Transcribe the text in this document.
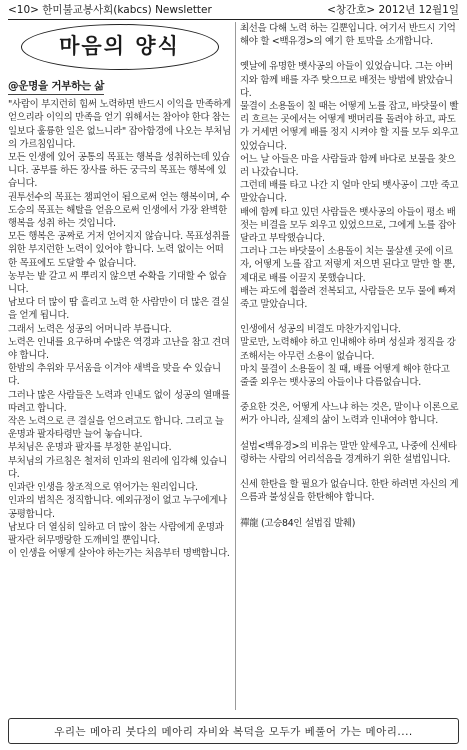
<10> 한미불교봉사회(kabcs) Newsletter	<창간호> 2012년 12월1일
마음의 양식
@운명을 거부하는 삶
"사람이 부지런히 힘써 노력하면 반드시 이익을 만족하게 얻으리라 이익의 만족을 얻기 위해서는 참아야 한다 참는 일보다 훌륭한 일은 없느니라" 잡아함경에 나오는 부처님의 가르침입니다.
모든 인생에 있어 공통의 목표는 행복을 성취하는데 있습니다. 공부를 하든 장사를 하든 궁극의 목표는 행복에 있습니다.
권투선수의 목표는 챔피언이 됨으로써 얻는 행복이며, 수도승의 목표는 해탈을 얻음으로써 인생에서 가장 완벽한 행복을 성취 하는 것입니다.
모든 행복은 공짜로 거저 얻어지지 않습니다. 목표성취를 위한 부지런한 노력이 있어야 합니다. 노력 없이는 어떠한 목표에도 도달할 수 없습니다.
농부는 밭 갈고 씨 뿌리지 않으면 수확을 기대할 수 없습니다.
남보다 더 많이 땀 흘리고 노력 한 사람만이 더 많은 결실을 얻게 됩니다.
그래서 노력은 성공의 어머니라 부릅니다.
노력은 인내를 요구하며 수많은 역경과 고난을 참고 견뎌야 합니다.
한밤의 추위와 무서움을 이겨야 새벽을 맞을 수 있습니다.
그러나 많은 사람들은 노력과 인내도 없이 성공의 열매를 따려고 합니다.
작은 노력으로 큰 결실을 얻으려고도 합니다. 그리고 늘 운명과 팔자타령만 늘어 놓습니다.
부처님은 운명과 팔자를 부정한 분입니다.
부처님의 가르침은 철저히 인과의 원리에 입각해 있습니다.
인과란 인생을 창조적으로 엮어가는 원리입니다.
인과의 법칙은 정직합니다. 예외규정이 없고 누구에게나 공평합니다.
남보다 더 열심히 일하고 더 많이 참는 사람에게 운명과 팔자란 허무맹랑한 도깨비일 뿐입니다.
이 인생을 어떻게 살아야 하는가는 처음부터 명백합니다.
최선을 다해 노력 하는 길뿐입니다. 여기서 반드시 기억해야 할 <백유경>의 예기 한 토막을 소개합니다.
옛날에 유명한 뱃사공의 아들이 있었습니다. 그는 아버지와 함께 배를 자주 탓으므로 배젓는 방법에 밝았습니다.
물결이 소용돌이 칠 때는 어떻게 노를 잡고, 바닷물이 빨리 흐르는 곳에서는 어떻게 뱃머리를 돌려야 하고, 파도가 거세면 어떻게 배를 정지 시켜야 할 지를 모두 외우고 있었습니다.
어느 날 아들은 마을 사람들과 함께 바다로 보물을 찾으러 나갔습니다.
그런데 배를 타고 나간 지 얼마 안되 뱃사공이 그만 죽고 말았습니다.
배에 함께 타고 있던 사람들은 뱃사공의 아들이 평소 배 젓는 비결을 모두 외우고 있었으므로, 그에게 노를 잡아달라고 부탁했습니다.
그러나 그는 바닷물이 소용돌이 치는 물살센 곳에 이르자, 어떻게 노를 잡고 저렇게 저으면 된다고 말만 할 뿐, 제대로 배를 이끌지 못했습니다.
배는 파도에 휩쓸려 전복되고, 사람들은 모두 물에 빠져 죽고 말았습니다.
인생에서 성공의 비결도 마찬가지입니다.
말로만, 노력해야 하고 인내해야 하며 성실과 정직을 강조해서는 아무런 소용이 없습니다.
마치 물결이 소용돌이 칠 때, 배를 어떻게 해야 한다고 줄줄 외우는 뱃사공의 아들이나 다름없습니다.
중요한 것은, 어떻게 사느냐 하는 것은, 말이나 이론으로써가 아니라, 실제의 삶이 노력과 인내여야 합니다.
설법<백유경>의 비유는 말만 앞세우고, 나중에 신세타령하는 사람의 어리석음을 경계하기 위한 설법입니다.
신세 한탄을 할 필요가 없습니다. 한탄 하려면 자신의 게으름과 불성실을 한탄해야 합니다.
禪龍 (고승84인 설법집 발췌)
우리는 메아리 붓다의 메아리 자비와 복덕을 모두가 베풀어 가는 메아리....
